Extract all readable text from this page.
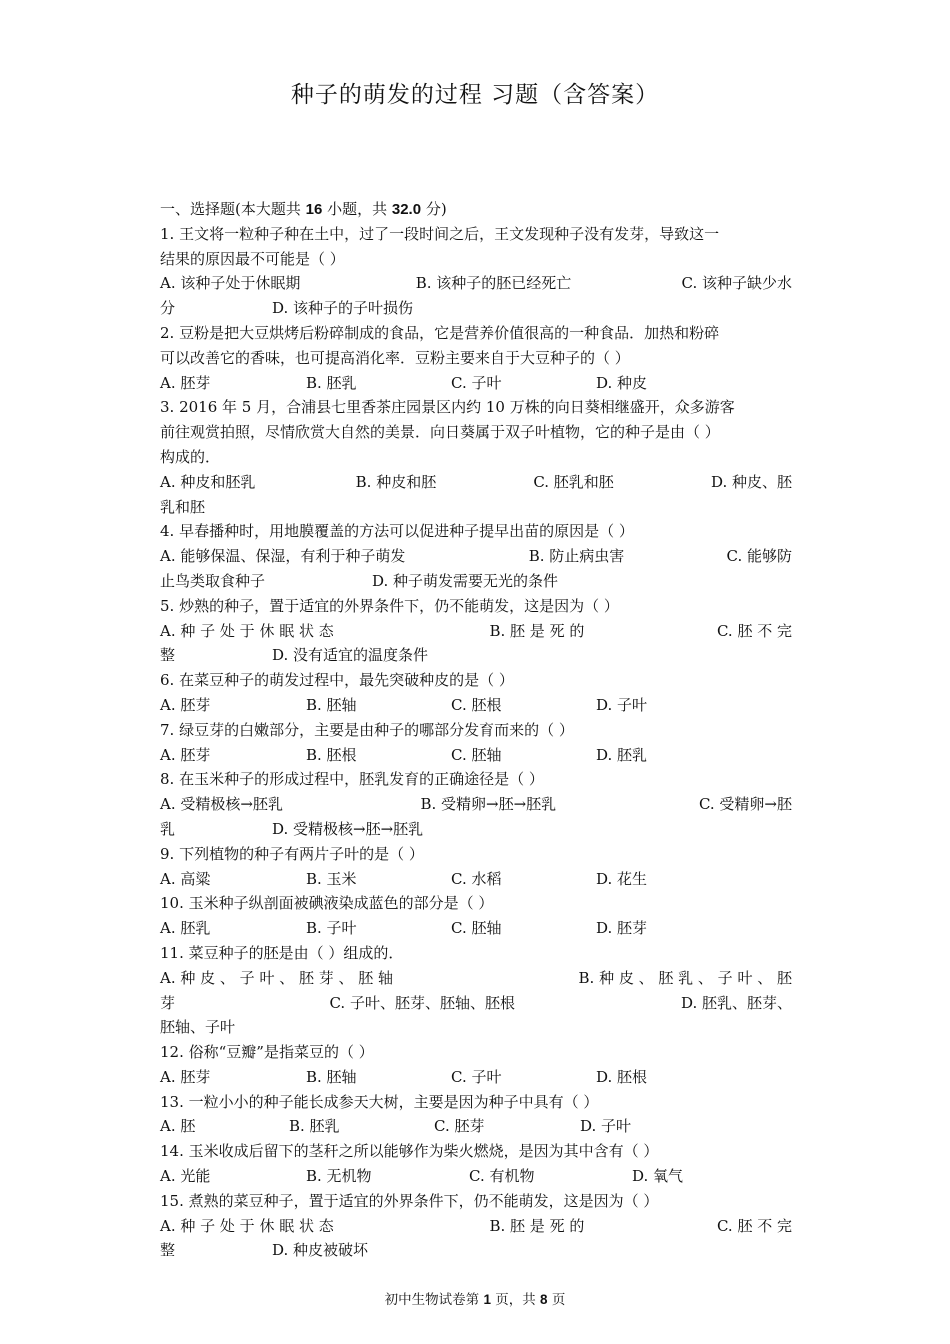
种子的萌发的过程 习题（含答案）
一、选择题(本大题共 16 小题，共 32.0 分)
1. 王文将一粒种子种在土中，过了一段时间之后，王文发现种子没有发芽，导致这一
结果的原因最不可能是（ ）
A. 该种子处于休眠期	B. 该种子的胚已经死亡	C. 该种子缺少水
分	D. 该种子的子叶损伤
2. 豆粉是把大豆烘烤后粉碎制成的食品，它是营养价值很高的一种食品．加热和粉碎
可以改善它的香味，也可提高消化率．豆粉主要来自于大豆种子的（ ）
A. 胚芽	B. 胚乳	C. 子叶	D. 种皮
3. 2016 年 5 月，合浦县七里香茶庄园景区内约 10 万株的向日葵相继盛开，众多游客
前往观赏拍照，尽情欣赏大自然的美景．向日葵属于双子叶植物，它的种子是由（ ）
构成的．
A. 种皮和胚乳	B. 种皮和胚	C. 胚乳和胚	D. 种皮、胚
乳和胚
4. 早春播种时，用地膜覆盖的方法可以促进种子提早出苗的原因是（ ）
A. 能够保温、保湿，有利于种子萌发	B. 防止病虫害	C. 能够防
止鸟类取食种子	D. 种子萌发需要无光的条件
5. 炒熟的种子，置于适宜的外界条件下，仍不能萌发，这是因为（ ）
A. 种 子 处 于 休 眠 状 态	B. 胚 是 死 的	C. 胚 不 完
整	D. 没有适宜的温度条件
6. 在菜豆种子的萌发过程中，最先突破种皮的是（ ）
A. 胚芽	B. 胚轴	C. 胚根	D. 子叶
7. 绿豆芽的白嫩部分，主要是由种子的哪部分发育而来的（ ）
A. 胚芽	B. 胚根	C. 胚轴	D. 胚乳
8. 在玉米种子的形成过程中，胚乳发育的正确途径是（ ）
A. 受精极核→胚乳	B. 受精卵→胚→胚乳	C. 受精卵→胚
乳	D. 受精极核→胚→胚乳
9. 下列植物的种子有两片子叶的是（ ）
A. 高粱	B. 玉米	C. 水稻	D. 花生
10. 玉米种子纵剖面被碘液染成蓝色的部分是（ ）
A. 胚乳	B. 子叶	C. 胚轴	D. 胚芽
11. 菜豆种子的胚是由（ ）组成的．
A. 种 皮 、 子 叶 、 胚 芽 、 胚 轴	B. 种 皮 、 胚 乳 、 子 叶 、 胚
芽	C. 子叶、胚芽、胚轴、胚根	D. 胚乳、胚芽、
胚轴、子叶
12. 俗称“豆瓣”是指菜豆的（ ）
A. 胚芽	B. 胚轴	C. 子叶	D. 胚根
13. 一粒小小的种子能长成参天大树，主要是因为种子中具有（ ）
A. 胚	B. 胚乳	C. 胚芽	D. 子叶
14. 玉米收成后留下的茎秆之所以能够作为柴火燃烧，是因为其中含有（ ）
A. 光能	B. 无机物	C. 有机物	D. 氧气
15. 煮熟的菜豆种子，置于适宜的外界条件下，仍不能萌发，这是因为（ ）
A. 种 子 处 于 休 眠 状 态	B. 胚 是 死 的	C. 胚 不 完
整	D. 种皮被破坏
初中生物试卷第 1 页，共 8 页
